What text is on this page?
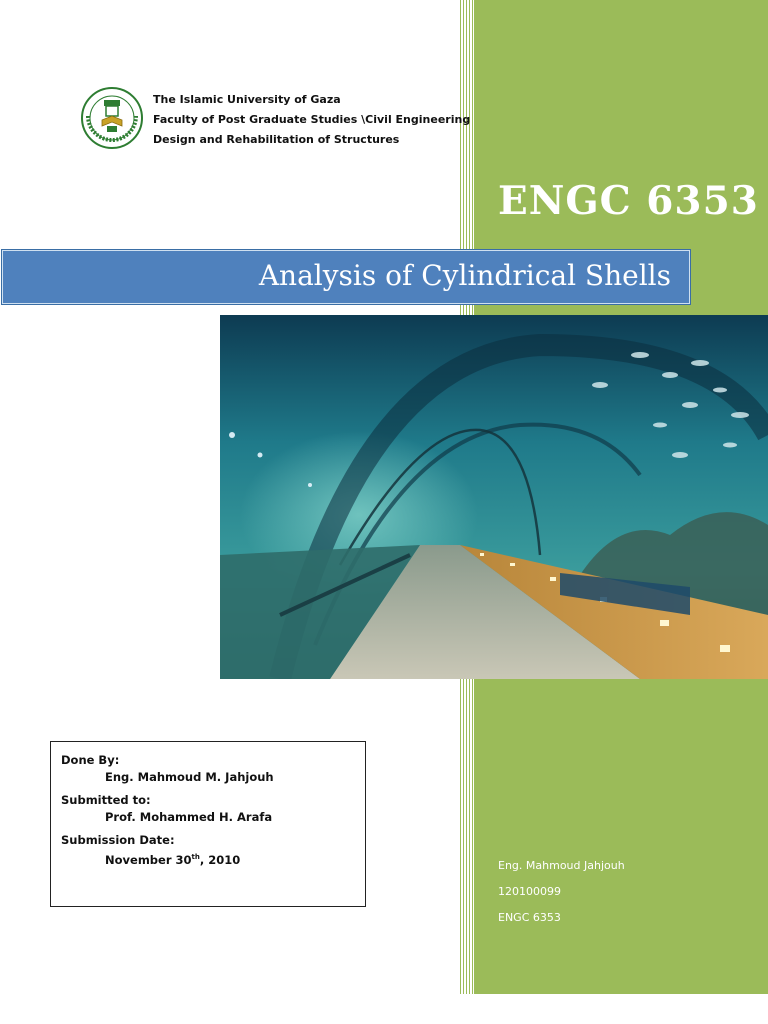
The Islamic University of Gaza
Faculty of Post Graduate Studies \Civil Engineering
Design and Rehabilitation of Structures
ENGC 6353
Analysis of Cylindrical Shells
Done By:
Eng. Mahmoud M. Jahjouh
Submitted to:
Prof. Mohammed H. Arafa
Submission Date:
November 30th, 2010	Eng. Mahmoud Jahjouh
120100099
ENGC 6353
